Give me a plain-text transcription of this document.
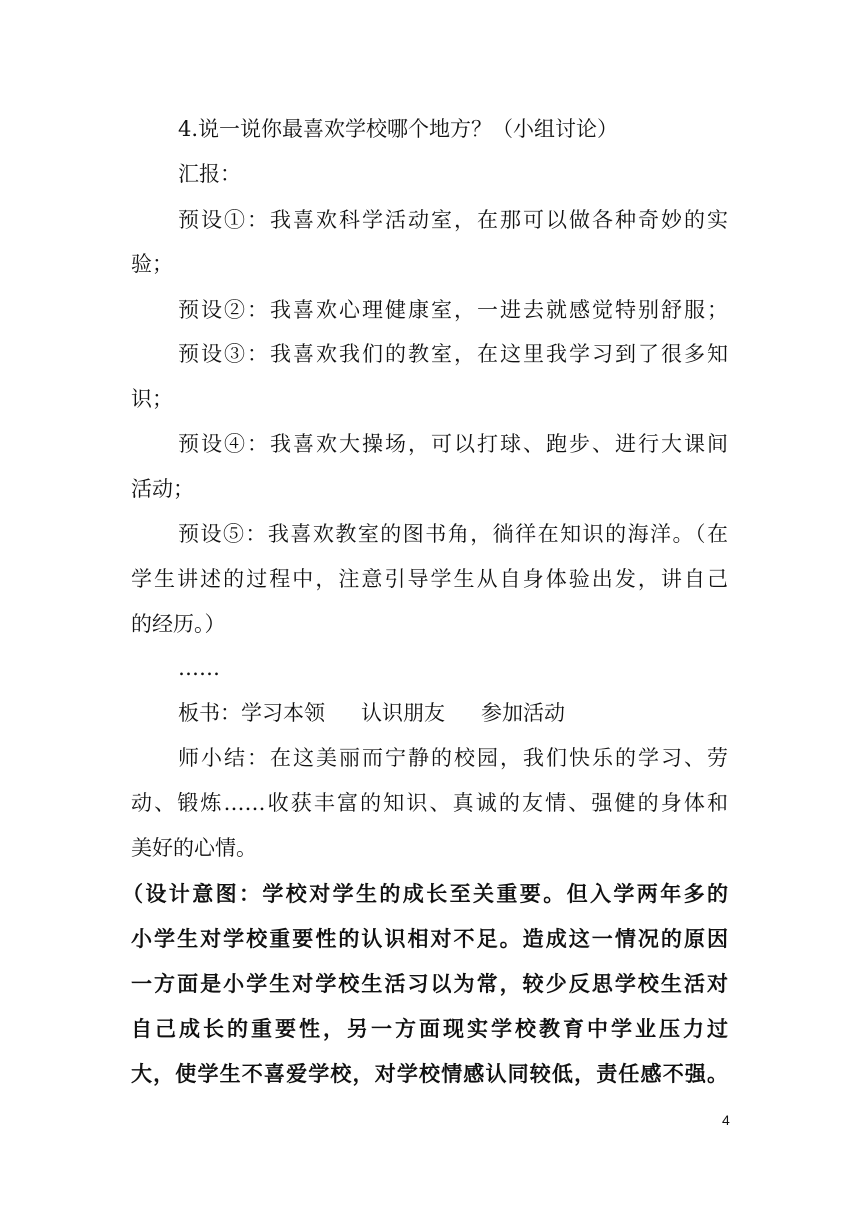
4.说一说你最喜欢学校哪个地方？（小组讨论）
汇报：
预设①：我喜欢科学活动室，在那可以做各种奇妙的实
验；
预设②：我喜欢心理健康室，一进去就感觉特别舒服；
预设③：我喜欢我们的教室，在这里我学习到了很多知
识；
预设④：我喜欢大操场，可以打球、跑步、进行大课间
活动；
预设⑤：我喜欢教室的图书角，徜徉在知识的海洋。（在
学生讲述的过程中，注意引导学生从自身体验出发，讲自己
的经历。）
……
板书：学习本领 认识朋友 参加活动
师小结：在这美丽而宁静的校园，我们快乐的学习、劳
动、锻炼……收获丰富的知识、真诚的友情、强健的身体和
美好的心情。
（设计意图：学校对学生的成长至关重要。但入学两年多的
小学生对学校重要性的认识相对不足。造成这一情况的原因
一方面是小学生对学校生活习以为常，较少反思学校生活对
自己成长的重要性，另一方面现实学校教育中学业压力过
大，使学生不喜爱学校，对学校情感认同较低，责任感不强。
4
